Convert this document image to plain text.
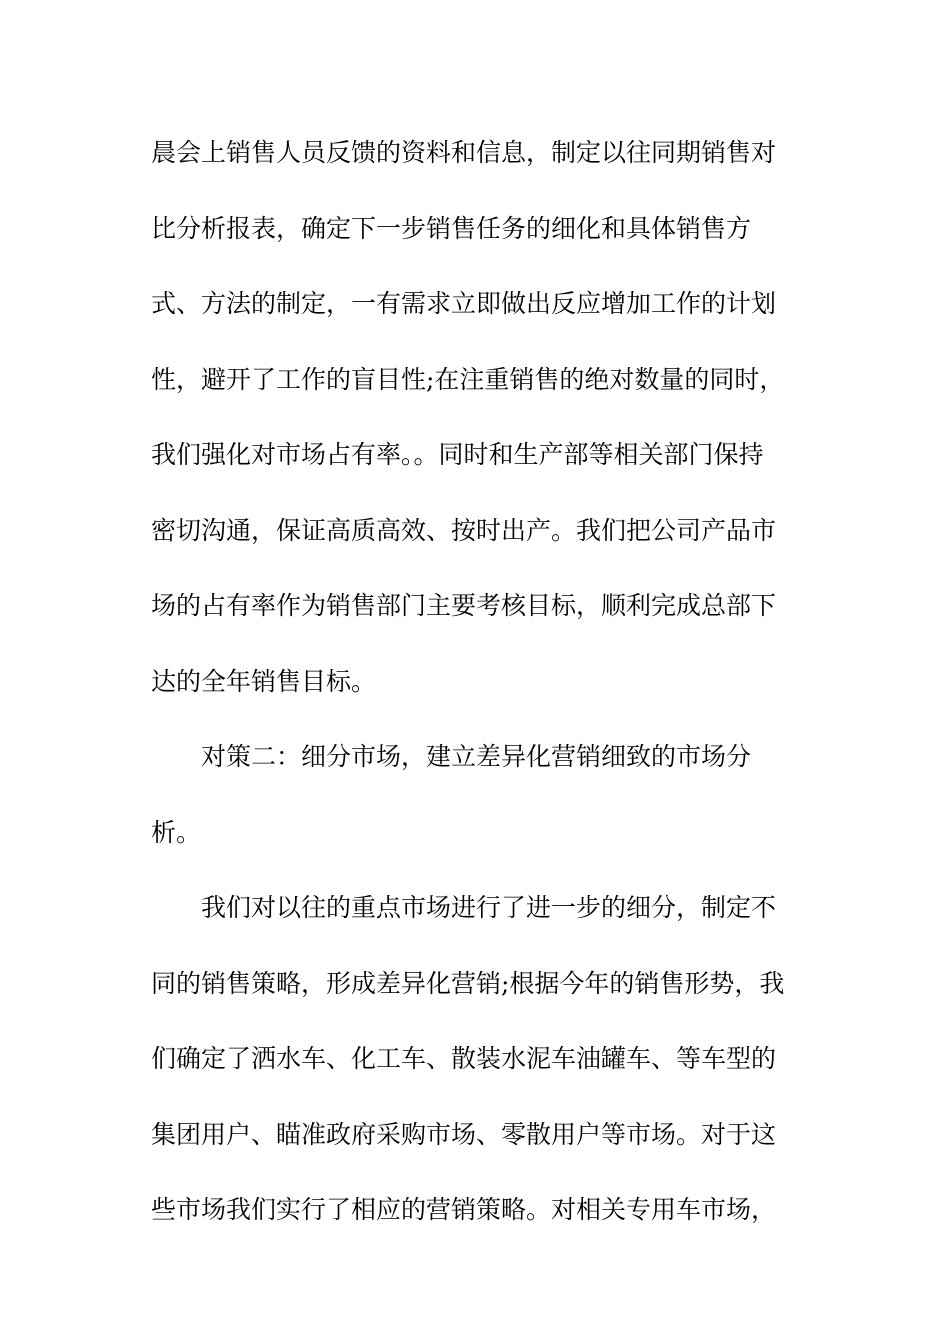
晨会上销售人员反馈的资料和信息，制定以往同期销售对
比分析报表，确定下一步销售任务的细化和具体销售方
式、方法的制定，一有需求立即做出反应增加工作的计划
性，避开了工作的盲目性;在注重销售的绝对数量的同时，
我们强化对市场占有率。。同时和生产部等相关部门保持
密切沟通，保证高质高效、按时出产。我们把公司产品市
场的占有率作为销售部门主要考核目标，顺利完成总部下
达的全年销售目标。
对策二：细分市场，建立差异化营销细致的市场分
析。
我们对以往的重点市场进行了进一步的细分，制定不
同的销售策略，形成差异化营销;根据今年的销售形势，我
们确定了洒水车、化工车、散装水泥车油罐车、等车型的
集团用户、瞄准政府采购市场、零散用户等市场。对于这
些市场我们实行了相应的营销策略。对相关专用车市场，
